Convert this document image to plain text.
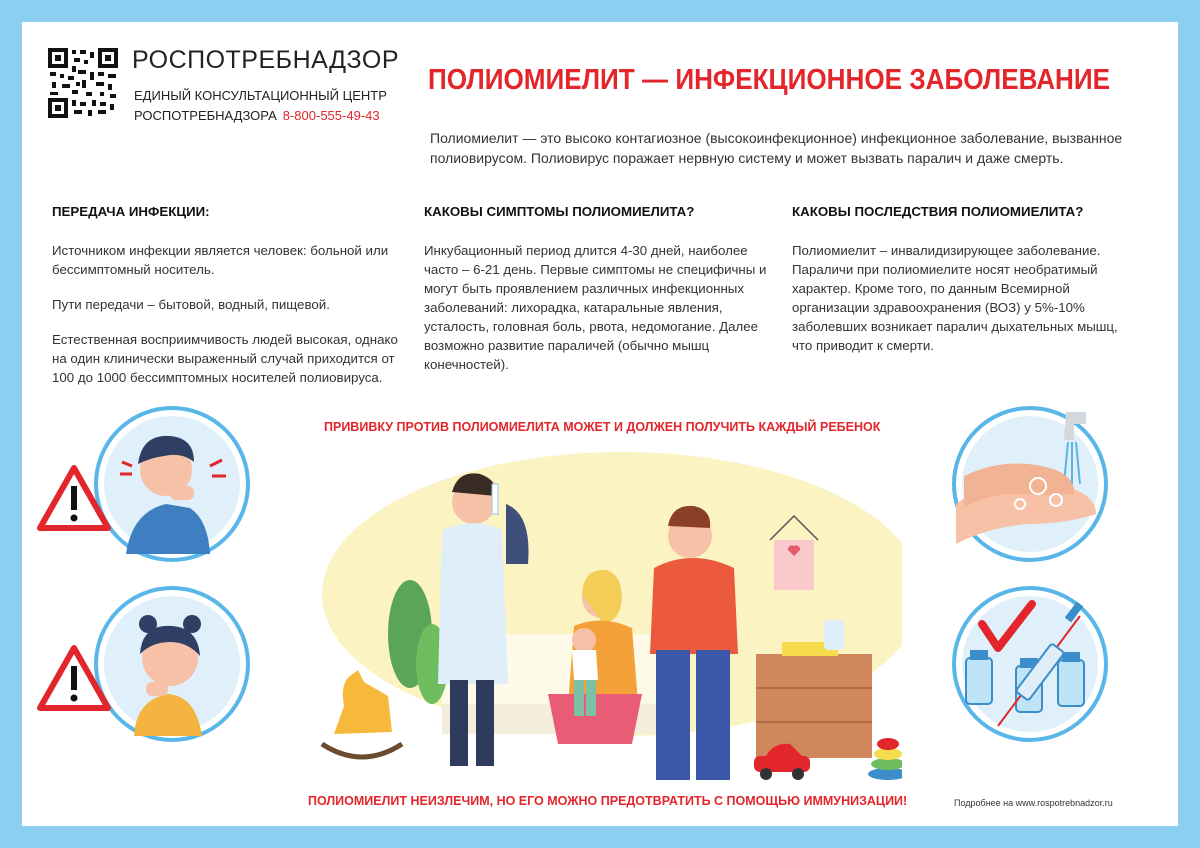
РОСПОТРЕБНАДЗОР
ЕДИНЫЙ КОНСУЛЬТАЦИОННЫЙ ЦЕНТР
РОСПОТРЕБНАДЗОРА 8-800-555-49-43
ПОЛИОМИЕЛИТ — ИНФЕКЦИОННОЕ ЗАБОЛЕВАНИЕ
Полиомиелит — это высоко контагиозное (высокоинфекционное) инфекционное заболевание, вызванное полиовирусом. Полиовирус поражает нервную систему и может вызвать паралич и даже смерть.
ПЕРЕДАЧА ИНФЕКЦИИ:

Источником инфекции является человек: больной или бессимптомный носитель.

Пути передачи – бытовой, водный, пищевой.

Естественная восприимчивость людей высокая, однако на один клинически выраженный случай приходится от 100 до 1000 бессимптомных носителей полиовируса.

КАКОВЫ СИМПТОМЫ ПОЛИОМИЕЛИТА?

Инкубационный период длится 4-30 дней, наиболее часто – 6-21 день. Первые симптомы не специфичны и могут быть проявлением различных инфекционных заболеваний: лихорадка, катаральные явления, усталость, головная боль, рвота, недомогание. Далее возможно развитие параличей (обычно мышц конечностей).

КАКОВЫ ПОСЛЕДСТВИЯ ПОЛИОМИЕЛИТА?

Полиомиелит – инвалидизирующее заболевание. Параличи при полиомиелите носят необратимый характер. Кроме того, по данным Всемирной организации здравоохранения (ВОЗ) у 5%-10% заболевших возникает паралич дыхательных мышц, что приводит к смерти.

ПРИВИВКУ ПРОТИВ ПОЛИОМИЕЛИТА МОЖЕТ И ДОЛЖЕН ПОЛУЧИТЬ КАЖДЫЙ РЕБЕНОК
ПОЛИОМИЕЛИТ НЕИЗЛЕЧИМ, НО ЕГО МОЖНО ПРЕДОТВРАТИТЬ С ПОМОЩЬЮ ИММУНИЗАЦИИ!	Подробнее на www.rospotrebnadzor.ru
